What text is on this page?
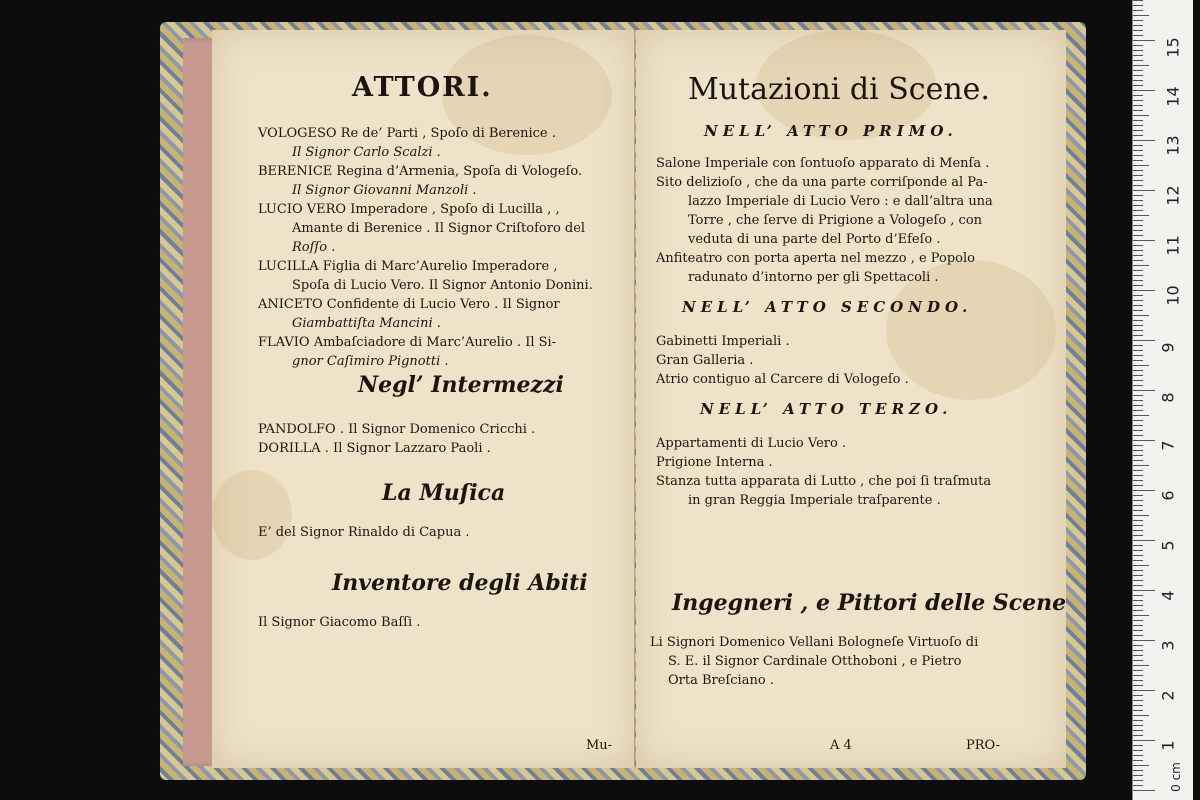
ATTORI.
VOLOGESO Re de’ Parti , Spoſo di Berenice .
Il Signor Carlo Scalzi .
BERENICE Regina d’Armenia, Spoſa di Vologeſo.
Il Signor Giovanni Manzoli .
LUCIO VERO Imperadore , Spoſo di Lucilla , ,
Amante di Berenice . Il Signor Criſtoforo del
Roſſo .
LUCILLA Figlia di Marc’Aurelio Imperadore ,
Spoſa di Lucio Vero. Il Signor Antonio Donini.
ANICETO Confidente di Lucio Vero . Il Signor
Giambattiſta Mancini .
FLAVIO Ambaſciadore di Marc’Aurelio . Il Si-
gnor Caſimiro Pignotti .
Negl’ Intermezzi
PANDOLFO . Il Signor Domenico Cricchi .
DORILLA . Il Signor Lazzaro Paoli .
La Muſica
E’ del Signor Rinaldo di Capua .
Inventore degli Abiti
Il Signor Giacomo Baſſi .
Mu-
Mutazioni di Scene.
NELL’ ATTO PRIMO.
Salone Imperiale con ſontuoſo apparato di Menſa .
Sito delizioſo , che da una parte corriſponde al Pa-
lazzo Imperiale di Lucio Vero : e dall’altra una
Torre , che ſerve di Prigione a Vologeſo , con
veduta di una parte del Porto d’Efeſo .
Anfiteatro con porta aperta nel mezzo , e Popolo
radunato d’intorno per gli Spettacoli .
NELL’ ATTO SECONDO.
Gabinetti Imperiali .
Gran Galleria .
Atrio contiguo al Carcere di Vologeſo .
NELL’ ATTO TERZO.
Appartamenti di Lucio Vero .
Prigione Interna .
Stanza tutta apparata di Lutto , che poi ſi traſmuta
in gran Reggia Imperiale traſparente .
Ingegneri , e Pittori delle Scene
Li Signori Domenico Vellani Bologneſe Virtuoſo di
S. E. il Signor Cardinale Otthoboni , e Pietro
Orta Breſciano .
A 4	PRO-
15
14
13
12
11
10
9
8
7
6
5
4
3
2
1
0 cm
